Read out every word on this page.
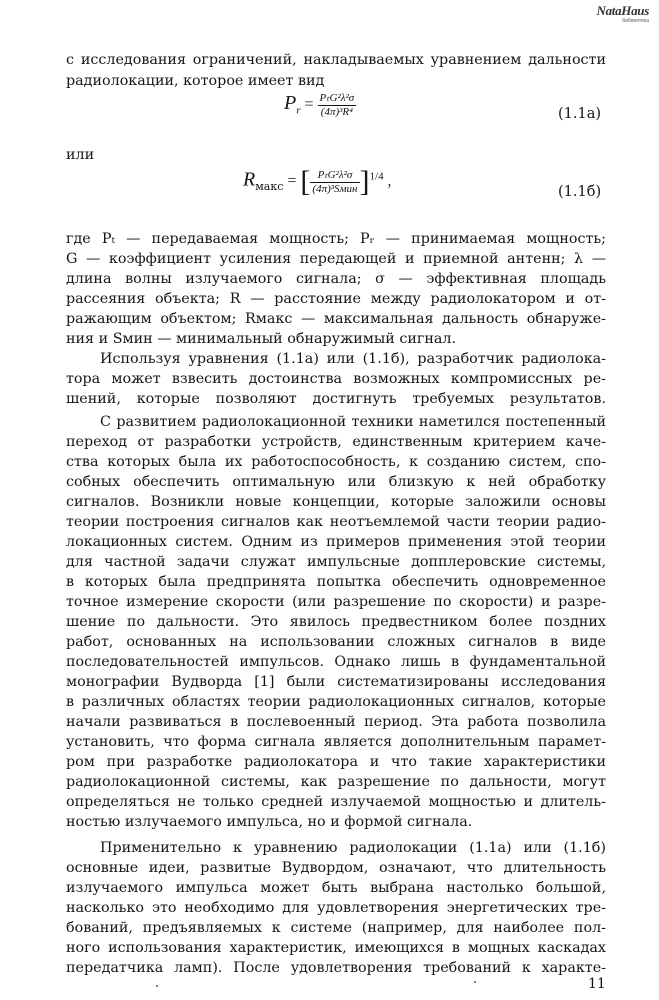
NataHaus
библиотека
с исследования ограничений, накладываемых уравнением дальности
радиолокации, которое имеет вид
$P_r = \frac{\text{PₜG²λ²σ}}{\text{(4π)³R⁴}}$	(1.1а)
или
$R_{макс}$ = [ $\frac{\text{PₜG²λ²σ}}{\text{(4π)³Sмин}} ]^{1/4}$ ,
(1.1б)
где Pₜ — передаваемая мощность; Pᵣ — принимаемая мощность;
G — коэффициент усиления передающей и приемной антенн; λ —
длина волны излучаемого сигнала; σ — эффективная площадь
рассеяния объекта; R — расстояние между радиолокатором и от-
ражающим объектом; Rмакс — максимальная дальность обнаруже-
ния и Sмин — минимальный обнаружимый сигнал.
Используя уравнения (1.1а) или (1.1б), разработчик радиолока-
тора может взвесить достоинства возможных компромиссных ре-
шений, которые позволяют достигнуть требуемых результатов.
С развитием радиолокационной техники наметился постепенный
переход от разработки устройств, единственным критерием каче-
ства которых была их работоспособность, к созданию систем, спо-
собных обеспечить оптимальную или близкую к ней обработку
сигналов. Возникли новые концепции, которые заложили основы
теории построения сигналов как неотъемлемой части теории радио-
локационных систем. Одним из примеров применения этой теории
для частной задачи служат импульсные допплеровские системы,
в которых была предпринята попытка обеспечить одновременное
точное измерение скорости (или разрешение по скорости) и разре-
шение по дальности. Это явилось предвестником более поздних
работ, основанных на использовании сложных сигналов в виде
последовательностей импульсов. Однако лишь в фундаментальной
монографии Вудворда [1] были систематизированы исследования
в различных областях теории радиолокационных сигналов, которые
начали развиваться в послевоенный период. Эта работа позволила
установить, что форма сигнала является дополнительным парамет-
ром при разработке радиолокатора и что такие характеристики
радиолокационной системы, как разрешение по дальности, могут
определяться не только средней излучаемой мощностью и длитель-
ностью излучаемого импульса, но и формой сигнала.
Применительно к уравнению радиолокации (1.1а) или (1.1б)
основные идеи, развитые Вудвордом, означают, что длительность
излучаемого импульса может быть выбрана настолько большой,
насколько это необходимо для удовлетворения энергетических тре-
бований, предъявляемых к системе (например, для наиболее пол-
ного использования характеристик, имеющихся в мощных каскадах
передатчика ламп). После удовлетворения требований к характе-
11
